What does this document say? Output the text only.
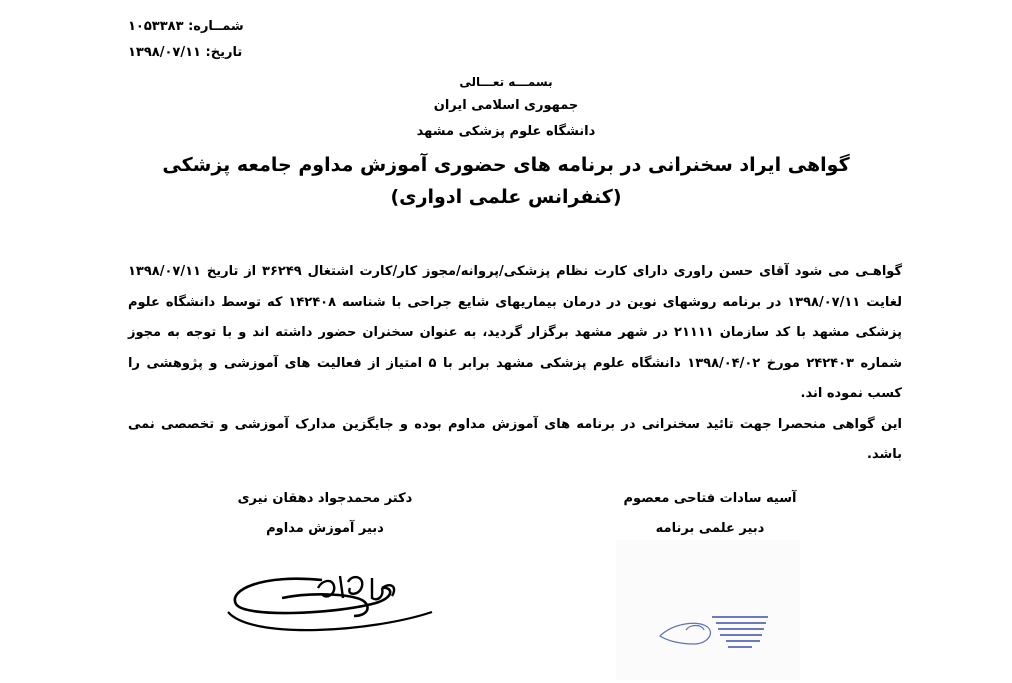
شمــاره: ۱۰۵۳۳۸۳
تاریخ: ۱۳۹۸/۰۷/۱۱
بسمـــه تعـــالی
جمهوری اسلامی ایران
دانشگاه علوم پزشکی مشهد
گواهی ایراد سخنرانی در برنامه های حضوری آموزش مداوم جامعه پزشکی
(کنفرانس علمی ادواری)

گواهـی می شود آقای حسن راوری دارای کارت نظام پزشکی/پروانه/مجوز کار/کارت اشتغال ۳۶۲۴۹ از تاریخ ۱۳۹۸/۰۷/۱۱ لغایت ۱۳۹۸/۰۷/۱۱ در برنامه روشهای نوین در درمان بیماریهای شایع جراحی با شناسه ۱۴۲۴۰۸ که توسط دانشگاه علوم پزشکی مشهد با کد سازمان ۲۱۱۱۱ در شهر مشهد برگزار گردید، به عنوان سخنران حضور داشته اند و با توجه به مجوز شماره ۲۴۲۴۰۳ مورخ ۱۳۹۸/۰۴/۰۲ دانشگاه علوم پزشکی مشهد برابر با ۵ امتیاز از فعالیت های آموزشی و پژوهشی را کسب نموده اند.

این گواهی منحصرا جهت تائید سخنرانی در برنامه های آموزش مداوم بوده و جایگزین مدارک آموزشی و تخصصی نمی باشد.

دکتر محمدجواد دهقان نیری
دبیر آموزش مداوم
آسیه سادات فتاحی معصوم
دبیر علمی برنامه
